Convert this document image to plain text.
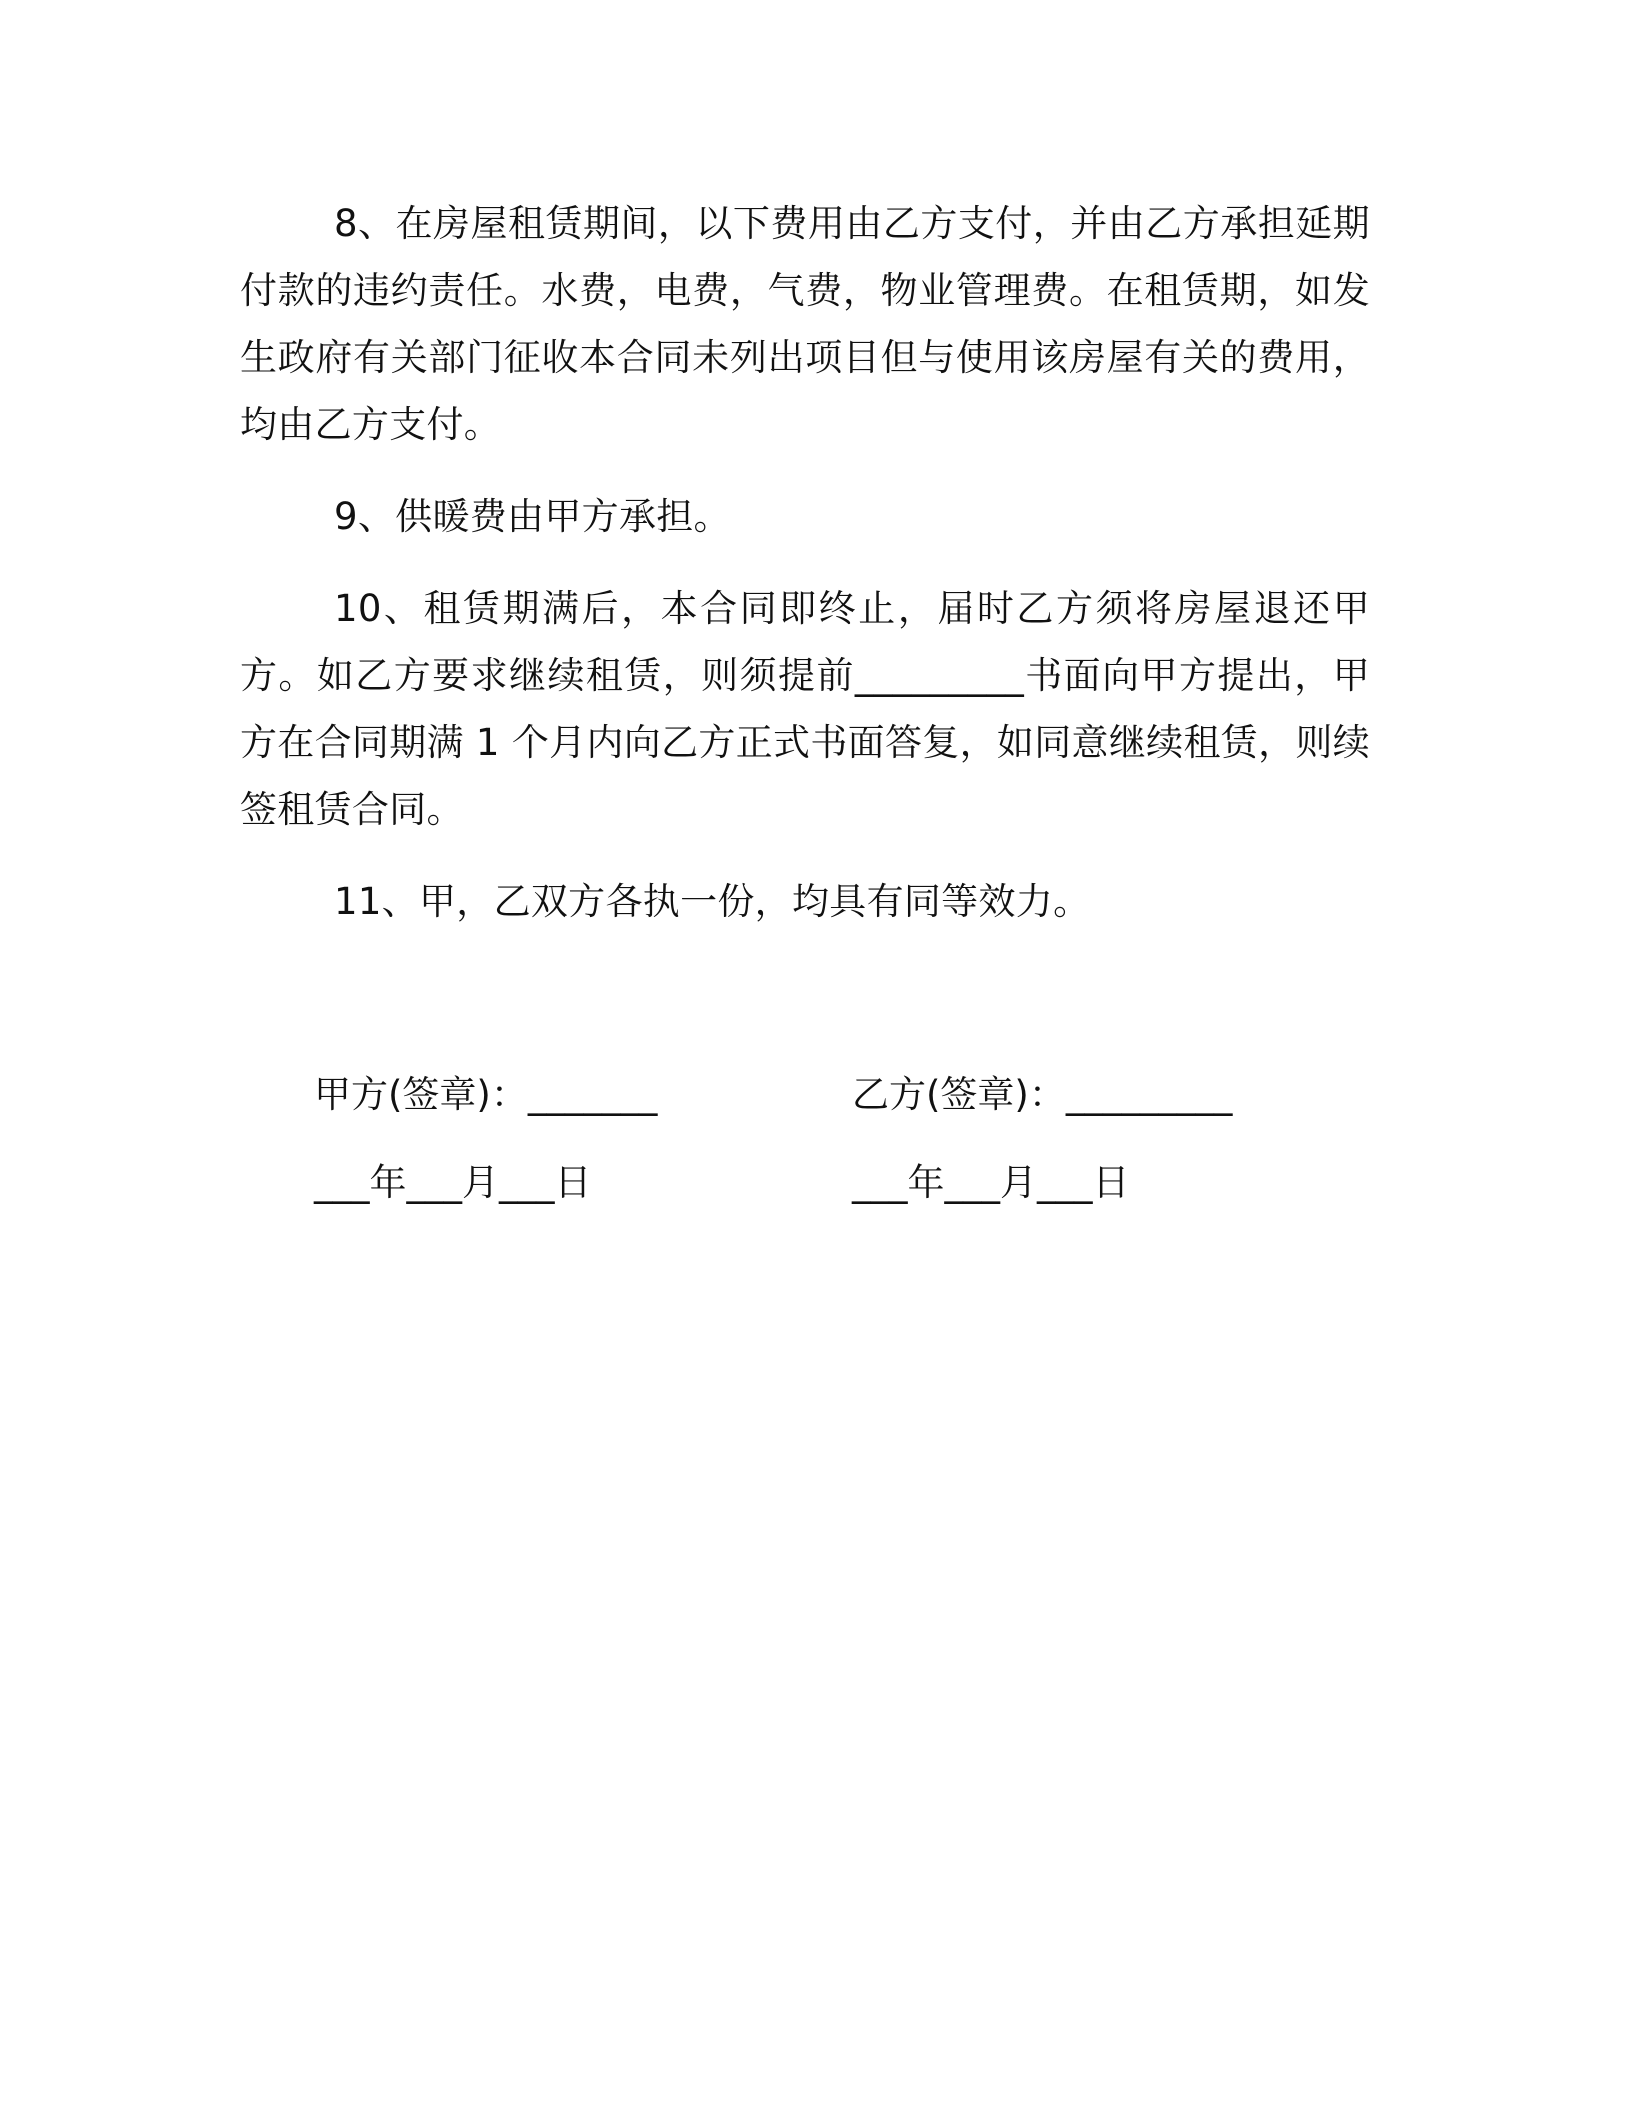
8、在房屋租赁期间，以下费用由乙方支付，并由乙方承担延期付款的违约责任。水费，电费，气费，物业管理费。在租赁期，如发生政府有关部门征收本合同未列出项目但与使用该房屋有关的费用，均由乙方支付。

9、供暖费由甲方承担。

10、租赁期满后，本合同即终止，届时乙方须将房屋退还甲方。如乙方要求继续租赁，则须提前_________书面向甲方提出，甲方在合同期满 1 个月内向乙方正式书面答复，如同意继续租赁，则续签租赁合同。

11、甲，乙双方各执一份，均具有同等效力。

甲方(签章)：_______
___年___月___日
乙方(签章)：_________
___年___月___日
